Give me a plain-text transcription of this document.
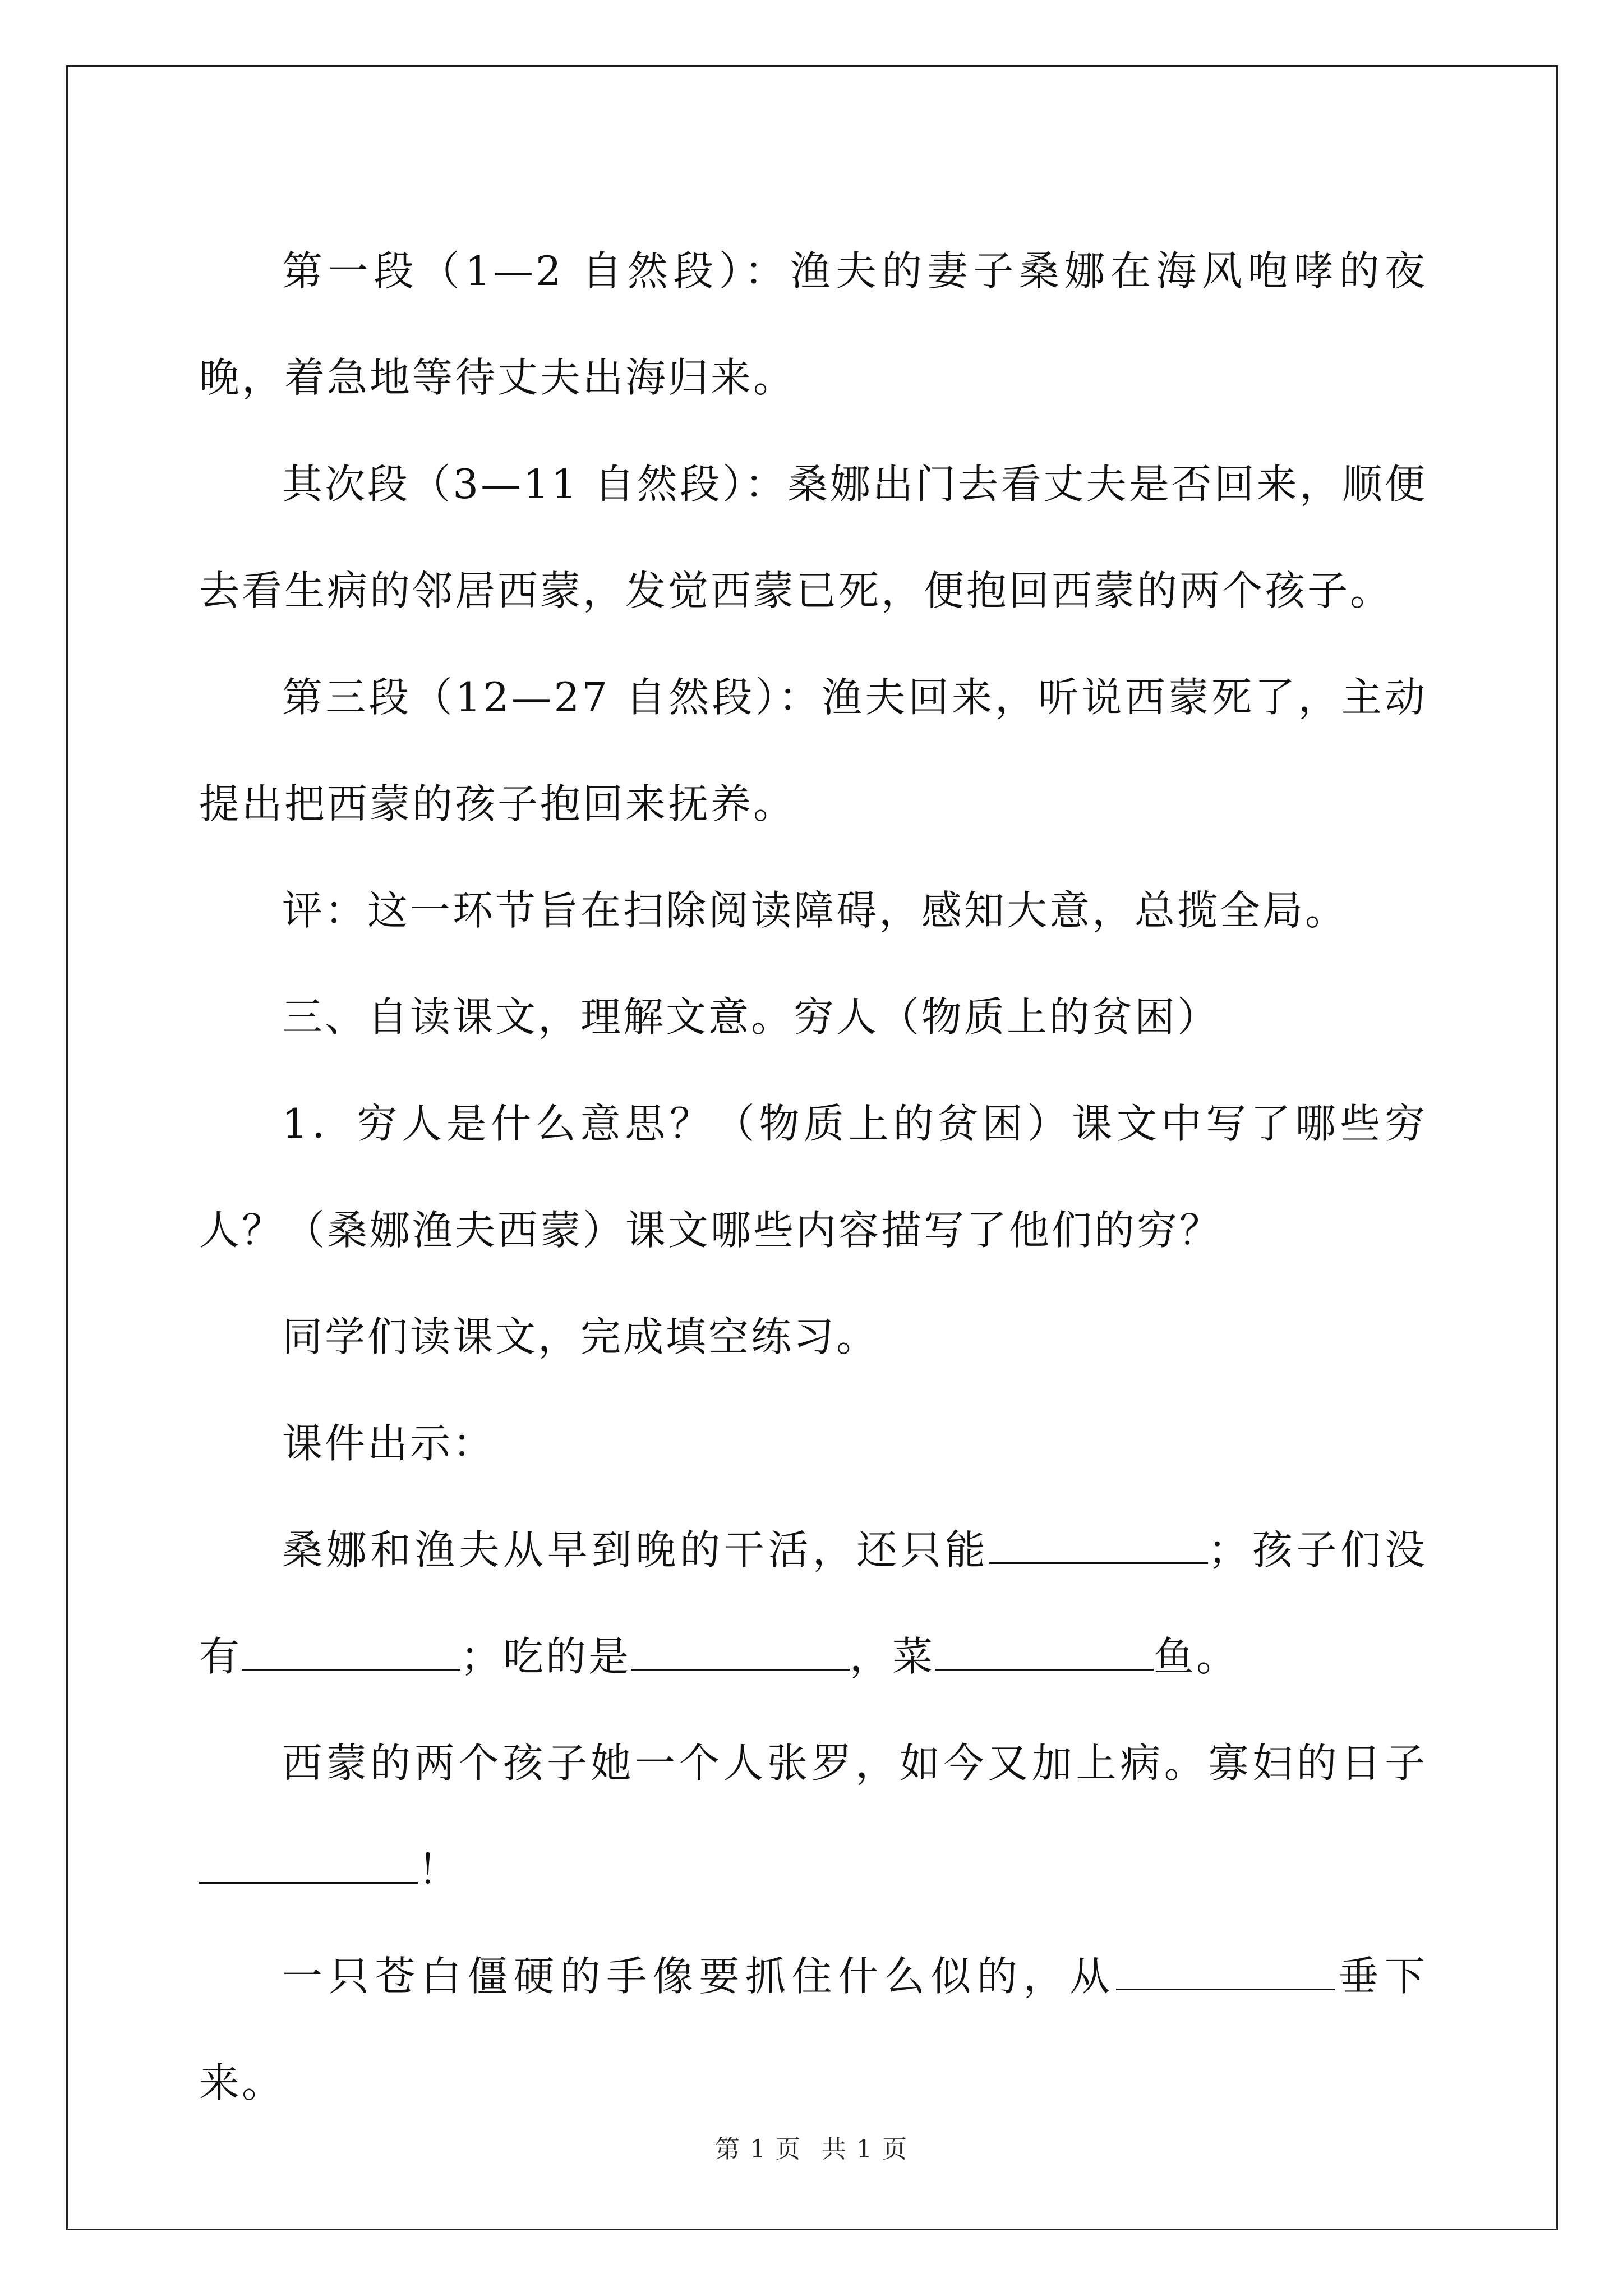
第一段（1—2 自然段）：渔夫的妻子桑娜在海风咆哮的夜晚，着急地等待丈夫出海归来。

其次段（3—11 自然段）：桑娜出门去看丈夫是否回来，顺便去看生病的邻居西蒙，发觉西蒙已死，便抱回西蒙的两个孩子。

第三段（12—27 自然段）：渔夫回来，听说西蒙死了，主动提出把西蒙的孩子抱回来抚养。

评：这一环节旨在扫除阅读障碍，感知大意，总揽全局。

三、自读课文，理解文意。穷人（物质上的贫困）

1．穷人是什么意思？（物质上的贫困）课文中写了哪些穷人？（桑娜渔夫西蒙）课文哪些内容描写了他们的穷？

同学们读课文，完成填空练习。

课件出示：

桑娜和渔夫从早到晚的干活，还只能	；孩子们没有	；吃的是	，菜	鱼。

西蒙的两个孩子她一个人张罗，如今又加上病。寡妇的日子！

一只苍白僵硬的手像要抓住什么似的，从	垂下来。

第 1 页 共 1 页
